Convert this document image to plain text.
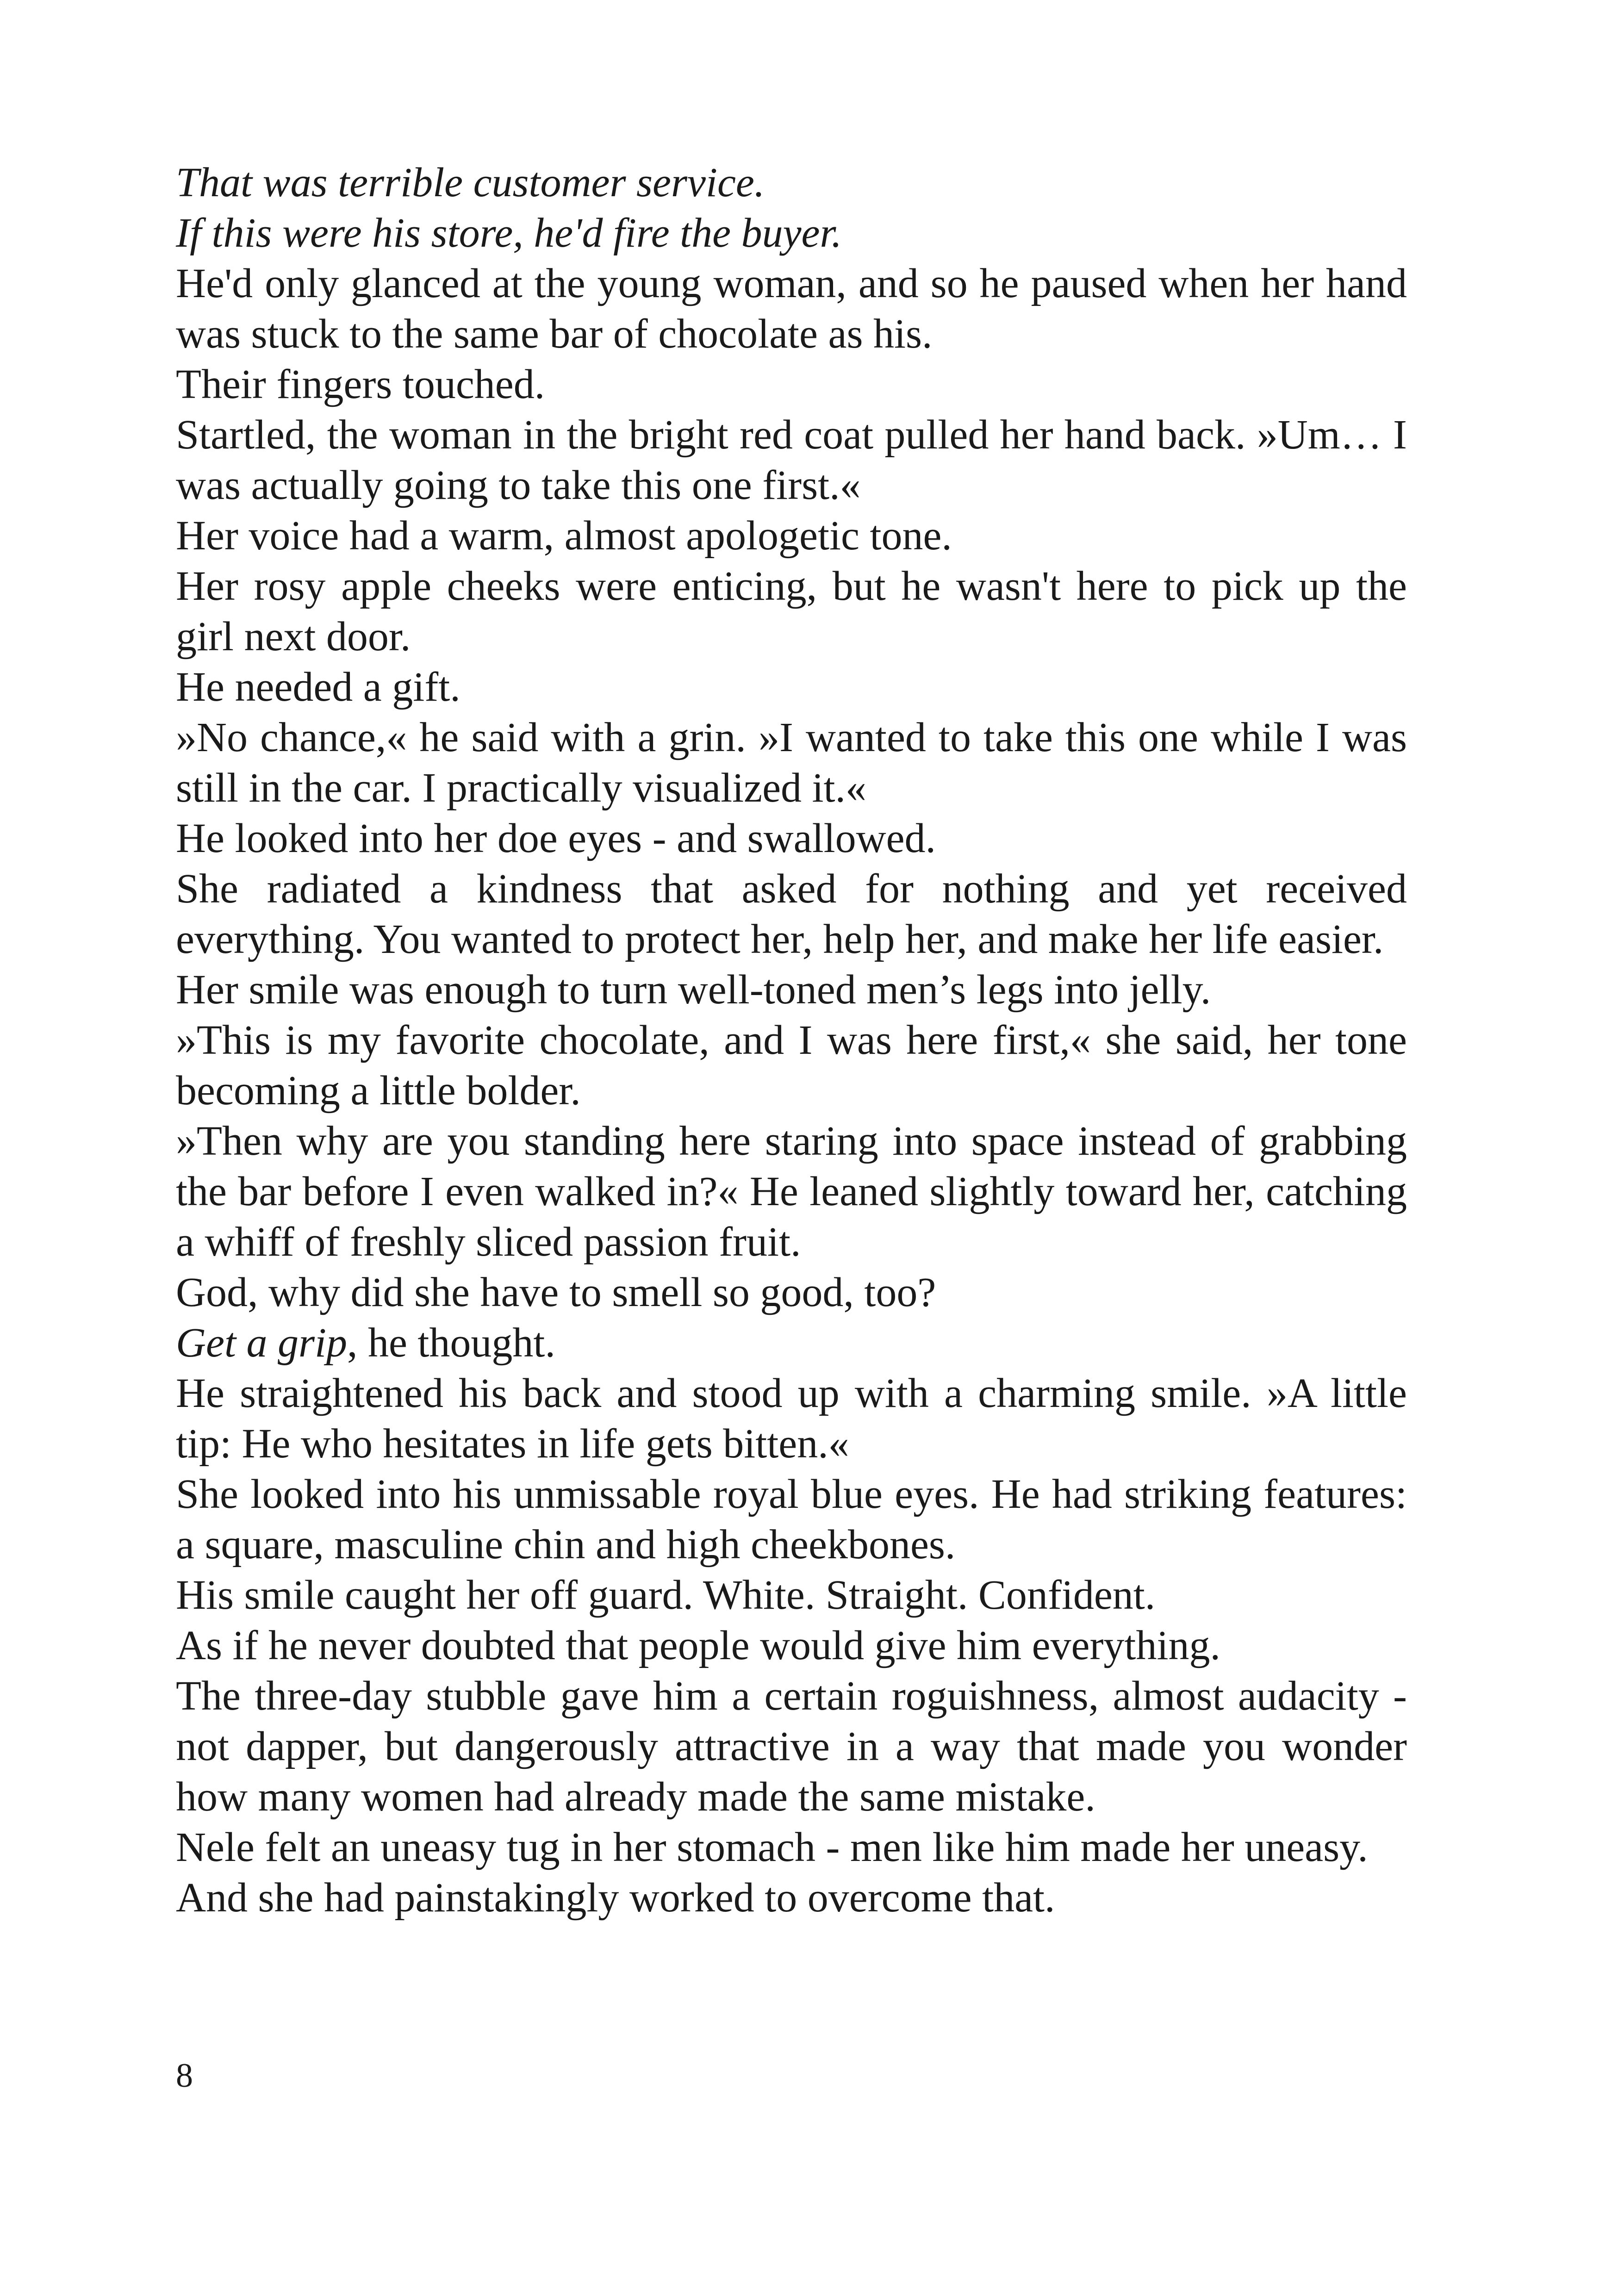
That was terrible customer service.

If this were his store, he'd fire the buyer.

He'd only glanced at the young woman, and so he paused when her hand was stuck to the same bar of chocolate as his.

Their fingers touched.

Startled, the woman in the bright red coat pulled her hand back. »Um… I was actually going to take this one first.«

Her voice had a warm, almost apologetic tone.

Her rosy apple cheeks were enticing, but he wasn't here to pick up the girl next door.

He needed a gift.

»No chance,« he said with a grin. »I wanted to take this one while I was still in the car. I practically visualized it.«

He looked into her doe eyes - and swallowed.

She radiated a kindness that asked for nothing and yet received everything. You wanted to protect her, help her, and make her life easier.

Her smile was enough to turn well-toned men’s legs into jelly.

»This is my favorite chocolate, and I was here first,« she said, her tone becoming a little bolder.

»Then why are you standing here staring into space instead of grabbing the bar before I even walked in?« He leaned slightly toward her, catching a whiff of freshly sliced passion fruit.

God, why did she have to smell so good, too?

Get a grip, he thought.

He straightened his back and stood up with a charming smile. »A little tip: He who hesitates in life gets bitten.«

She looked into his unmissable royal blue eyes. He had striking features: a square, masculine chin and high cheekbones.

His smile caught her off guard. White. Straight. Confident.

As if he never doubted that people would give him everything.

The three-day stubble gave him a certain roguishness, almost audacity - not dapper, but dangerously attractive in a way that made you wonder how many women had already made the same mistake.

Nele felt an uneasy tug in her stomach - men like him made her uneasy.

And she had painstakingly worked to overcome that.

8
